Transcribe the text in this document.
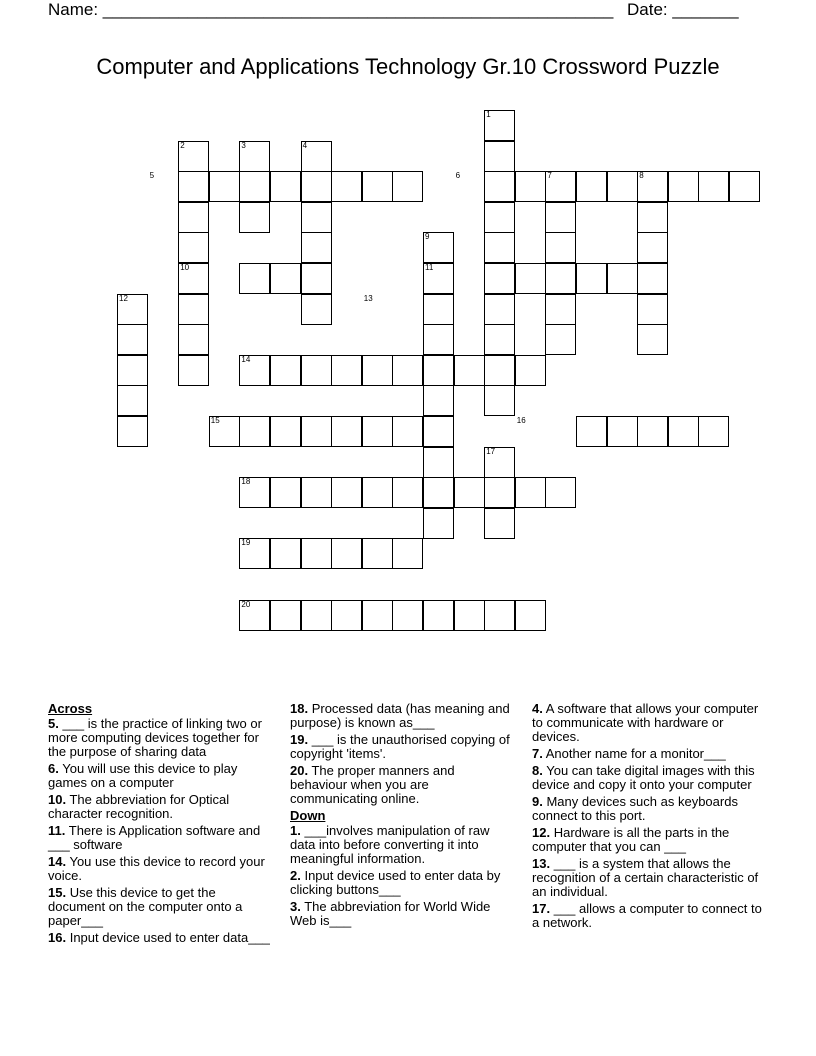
Name: ______________________________________________________ Date: _______
Computer and Applications Technology Gr.10 Crossword Puzzle
1
2	3	4
5	6	7	8
9
10	11
12	13
14
15	16
17
18
19
20
Across
5. ___ is the practice of linking two or more computing devices together for the purpose of sharing data
6. You will use this device to play games on a computer
10. The abbreviation for Optical character recognition.
11. There is Application software and ___ software
14. You use this device to record your voice.
15. Use this device to get the document on the computer onto a paper___
16. Input device used to enter data___
18. Processed data (has meaning and purpose) is known as___
19. ___ is the unauthorised copying of copyright 'items'.
20. The proper manners and behaviour when you are communicating online.
Down
1. ___involves manipulation of raw data into before converting it into meaningful information.
2. Input device used to enter data by clicking buttons___
3. The abbreviation for World Wide Web is___
4. A software that allows your computer to communicate with hardware or devices.
7. Another name for a monitor___
8. You can take digital images with this device and copy it onto your computer
9. Many devices such as keyboards connect to this port.
12. Hardware is all the parts in the computer that you can ___
13. ___ is a system that allows the recognition of a certain characteristic of an individual.
17. ___ allows a computer to connect to a network.
